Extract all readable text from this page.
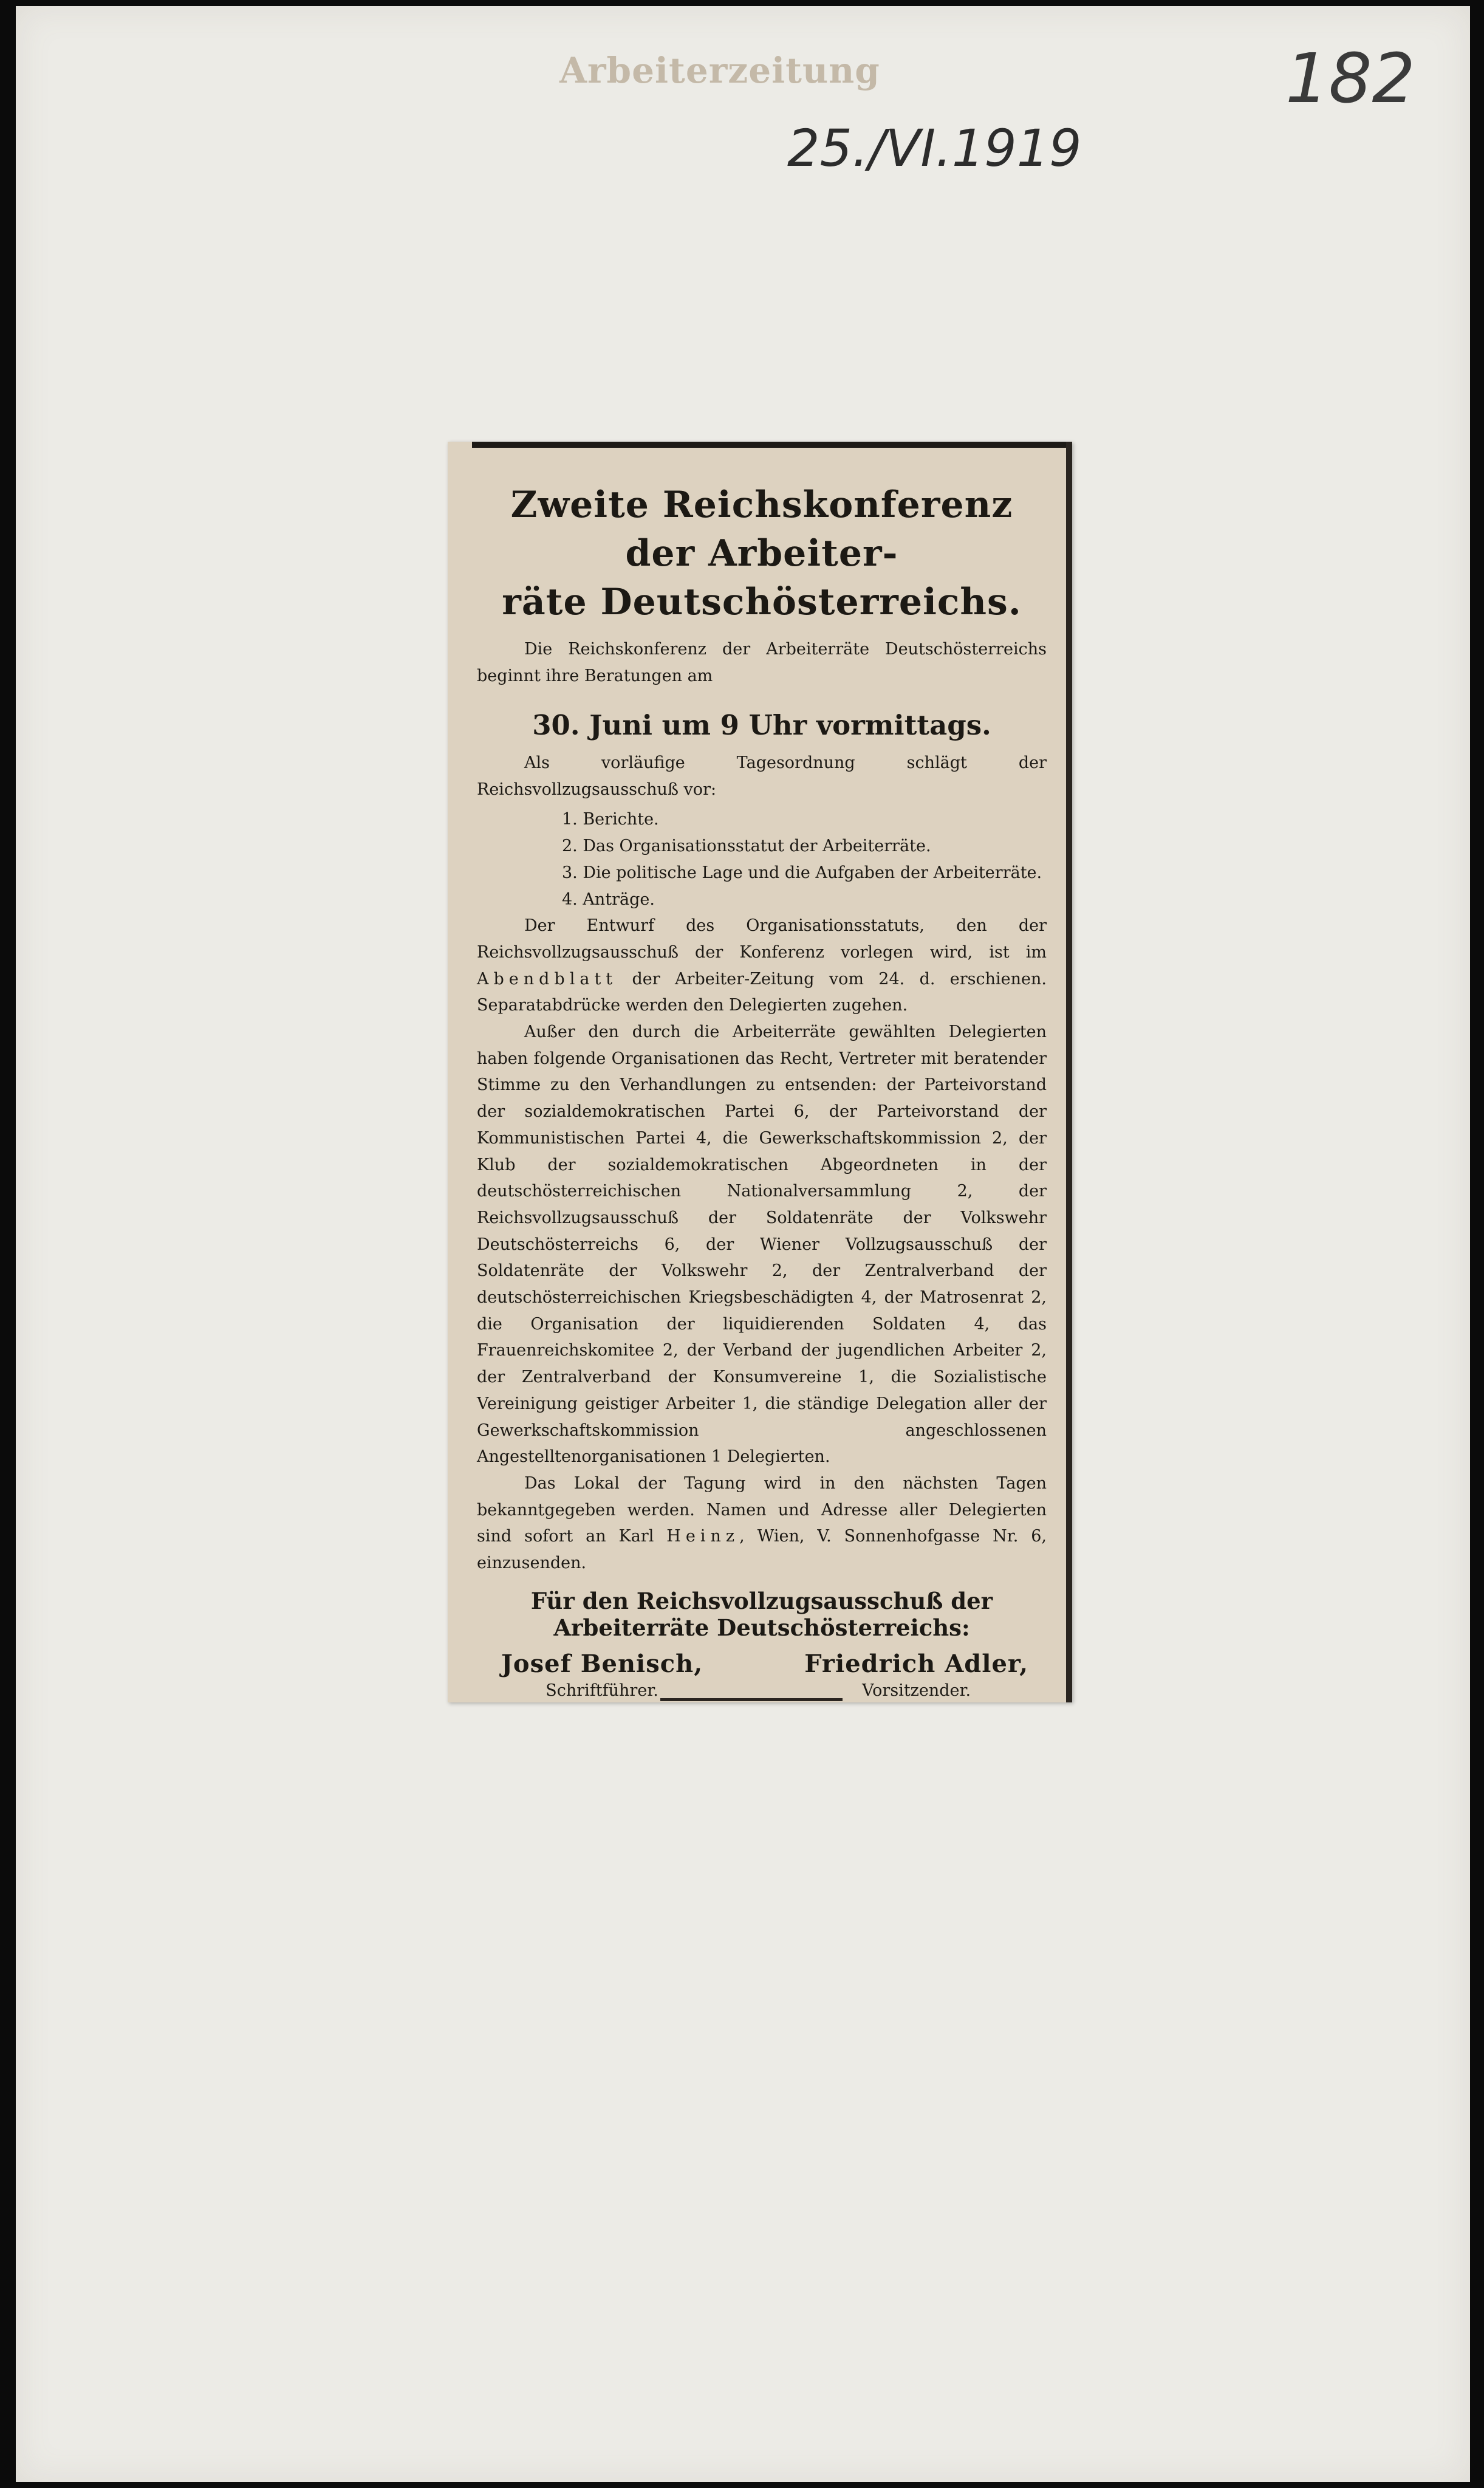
Arbeiterzeitung
25./VI.1919
182
Zweite Reichskonferenz der Arbeiter-
räte Deutschösterreichs.

Die Reichskonferenz der Arbeiterräte Deutschösterreichs beginnt ihre Beratungen am

30. Juni um 9 Uhr vormittags.

Als vorläufige Tagesordnung schlägt der Reichsvollzugsausschuß vor:

1. Berichte.
2. Das Organisationsstatut der Arbeiterräte.
3. Die politische Lage und die Aufgaben der Arbeiterräte.
4. Anträge.

Der Entwurf des Organisationsstatuts, den der Reichsvollzugsausschuß der Konferenz vorlegen wird, ist im Abendblatt der Arbeiter-Zeitung vom 24. d. erschienen. Separatabdrücke werden den Delegierten zugehen.

Außer den durch die Arbeiterräte gewählten Delegierten haben folgende Organisationen das Recht, Vertreter mit beratender Stimme zu den Verhandlungen zu entsenden: der Parteivorstand der sozialdemokratischen Partei 6, der Parteivorstand der Kommunistischen Partei 4, die Gewerkschaftskommission 2, der Klub der sozialdemokratischen Abgeordneten in der deutschösterreichischen Nationalversammlung 2, der Reichsvollzugsausschuß der Soldatenräte der Volkswehr Deutschösterreichs 6, der Wiener Vollzugsausschuß der Soldatenräte der Volkswehr 2, der Zentralverband der deutschösterreichischen Kriegsbeschädigten 4, der Matrosenrat 2, die Organisation der liquidierenden Soldaten 4, das Frauenreichskomitee 2, der Verband der jugendlichen Arbeiter 2, der Zentralverband der Konsumvereine 1, die Sozialistische Vereinigung geistiger Arbeiter 1, die ständige Delegation aller der Gewerkschaftskommission angeschlossenen Angestelltenorganisationen 1 Delegierten.

Das Lokal der Tagung wird in den nächsten Tagen bekanntgegeben werden. Namen und Adresse aller Delegierten sind sofort an Karl Heinz, Wien, V. Sonnenhofgasse Nr. 6, einzusenden.

Für den Reichsvollzugsausschuß der Arbeiterräte Deutschösterreichs:
Josef Benisch,
Schriftführer.
Friedrich Adler,
Vorsitzender.
